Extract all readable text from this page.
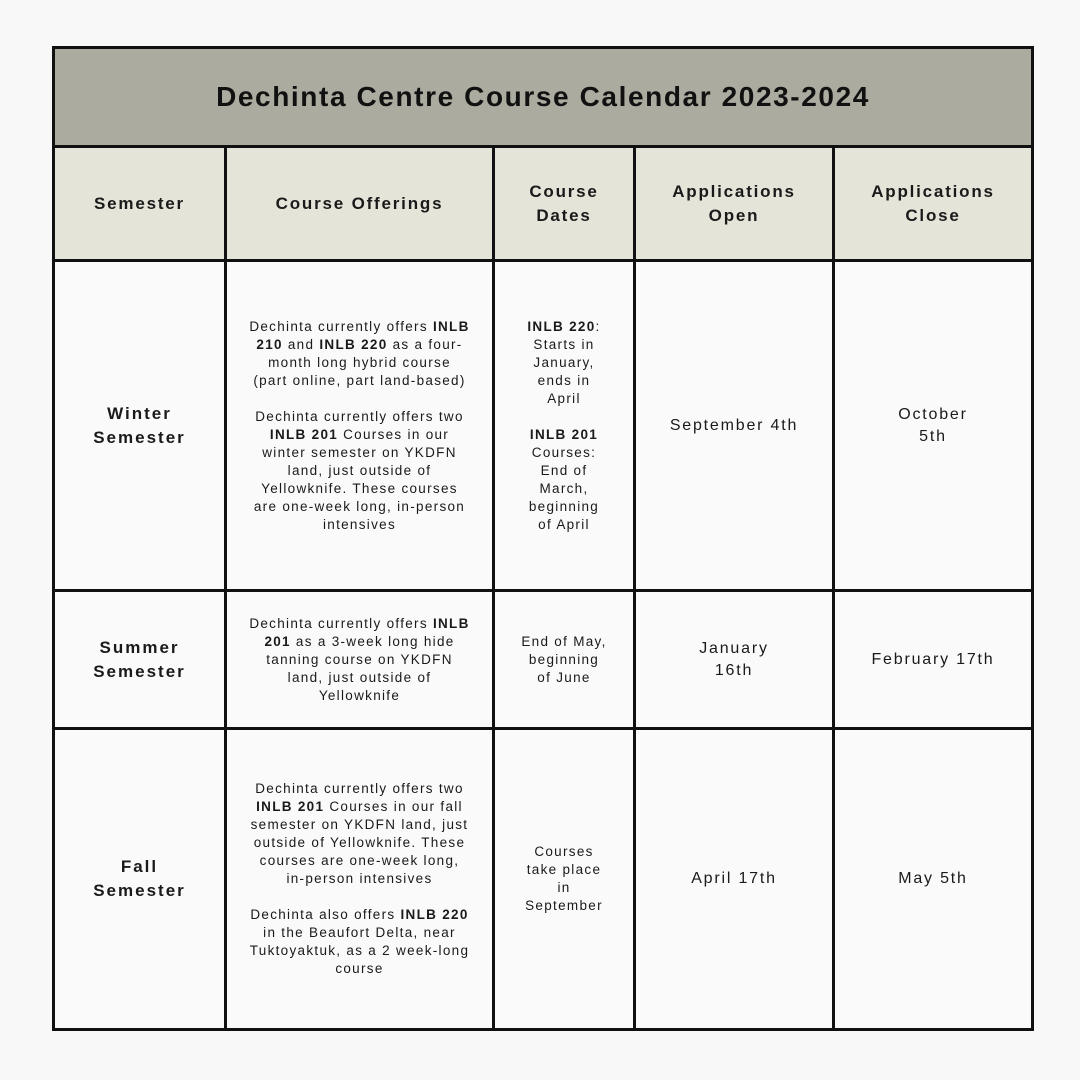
Dechinta Centre Course Calendar 2023-2024
Semester	Course Offerings
Course Dates
Applications Open
Applications Close
Winter Semester

Dechinta currently offers INLB 210 and INLB 220 as a four-month long hybrid course (part online, part land-based)

Dechinta currently offers two INLB 201 Courses in our winter semester on YKDFN land, just outside of Yellowknife. These courses are one-week long, in-person intensives

INLB 220: Starts in January, ends in April

INLB 201 Courses: End of March, beginning of April

September 4th
October 5th
Summer Semester

Dechinta currently offers INLB 201 as a 3-week long hide tanning course on YKDFN land, just outside of Yellowknife

End of May, beginning of June

January 16th
February 17th
Fall Semester

Dechinta currently offers two INLB 201 Courses in our fall semester on YKDFN land, just outside of Yellowknife. These courses are one-week long, in-person intensives

Dechinta also offers INLB 220 in the Beaufort Delta, near Tuktoyaktuk, as a 2 week-long course

Courses take place in September

April 17th	May 5th
